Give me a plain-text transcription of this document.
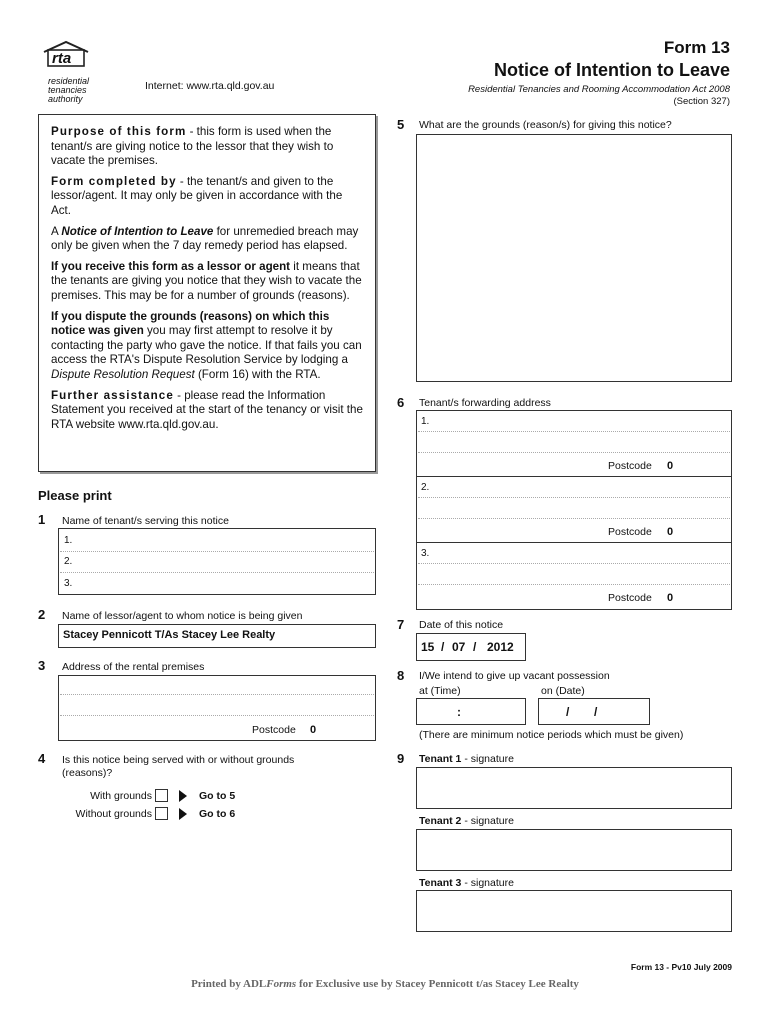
rta
residential
tenancies
authority
Internet: www.rta.qld.gov.au
Form 13
Notice of Intention to Leave
Residential Tenancies and Rooming Accommodation Act 2008
(Section 327)

Purpose of this form - this form is used when the tenant/s are giving notice to the lessor that they wish to vacate the premises.

Form completed by - the tenant/s and given to the lessor/agent. It may only be given in accordance with the Act.

A Notice of Intention to Leave for unremedied breach may only be given when the 7 day remedy period has elapsed.

If you receive this form as a lessor or agent it means that the tenants are giving you notice that they wish to vacate the premises. This may be for a number of grounds (reasons).

If you dispute the grounds (reasons) on which this notice was given you may first attempt to resolve it by contacting the party who gave the notice. If that fails you can access the RTA's Dispute Resolution Service by lodging a Dispute Resolution Request (Form 16) with the RTA.

Further assistance - please read the Information Statement you received at the start of the tenancy or visit the RTA website www.rta.qld.gov.au.

Please print
1 Name of tenant/s serving this notice
1.
2.
3.
2 Name of lessor/agent to whom notice is being given
Stacey Pennicott T/As Stacey Lee Realty
3 Address of the rental premises
Postcode 0
4 Is this notice being served with or without grounds
(reasons)?
With grounds	Go to 5
Without grounds	Go to 6
5 What are the grounds (reason/s) for giving this notice?
6 Tenant/s forwarding address
1.
Postcode 0
2.
Postcode 0
3.
Postcode 0
7 Date of this notice
15 / 07 / 2012
8 I/We intend to give up vacant possession
at (Time)	on (Date)
:	/ /
(There are minimum notice periods which must be given)
9 Tenant 1 - signature
Tenant 2 - signature
Tenant 3 - signature
Form 13 - Pv10 July 2009
Printed by ADLForms for Exclusive use by Stacey Pennicott t/as Stacey Lee Realty
